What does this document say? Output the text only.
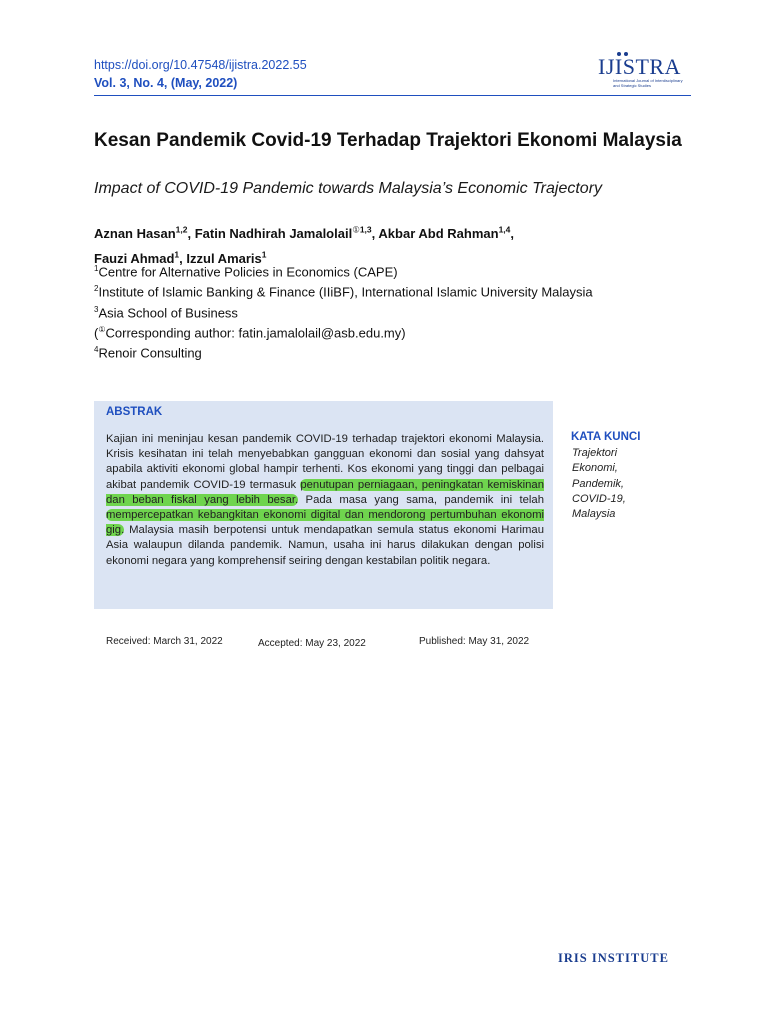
https://doi.org/10.47548/ijistra.2022.55
Vol. 3, No. 4, (May, 2022)
IJISTRA
International Journal of Interdisciplinary
and Strategic Studies
Kesan Pandemik Covid-19 Terhadap Trajektori Ekonomi Malaysia
Impact of COVID-19 Pandemic towards Malaysia’s Economic Trajectory
Aznan Hasan$^{1,2}$, Fatin Nadhirah Jamalolail$^{①1,3}$, Akbar Abd Rahman$^{1,4}$,
Fauzi Ahmad$^1$, Izzul Amaris$^1$
$^1$Centre for Alternative Policies in Economics (CAPE)
$^2$Institute of Islamic Banking & Finance (IIiBF), International Islamic University Malaysia
$^3$Asia School of Business
(①Corresponding author: fatin.jamalolail@asb.edu.my)
$^4$Renoir Consulting
ABSTRAK
Kajian ini meninjau kesan pandemik COVID-19 terhadap trajektori ekonomi Malaysia. Krisis kesihatan ini telah menyebabkan gangguan ekonomi dan sosial yang dahsyat apabila aktiviti ekonomi global hampir terhenti. Kos ekonomi yang tinggi dan pelbagai akibat pandemik COVID-19 termasuk penutupan perniagaan, peningkatan kemiskinan dan beban fiskal yang lebih besar. Pada masa yang sama, pandemik ini telah mempercepatkan kebangkitan ekonomi digital dan mendorong pertumbuhan ekonomi gig. Malaysia masih berpotensi untuk mendapatkan semula status ekonomi Harimau Asia walaupun dilanda pandemik. Namun, usaha ini harus dilakukan dengan polisi ekonomi negara yang komprehensif seiring dengan kestabilan politik negara.
KATA KUNCI
Trajektori Ekonomi,
Pandemik,
COVID-19,
Malaysia
Received: March 31, 2022	Accepted: May 23, 2022	Published: May 31, 2022
IRIS INSTITUTE
